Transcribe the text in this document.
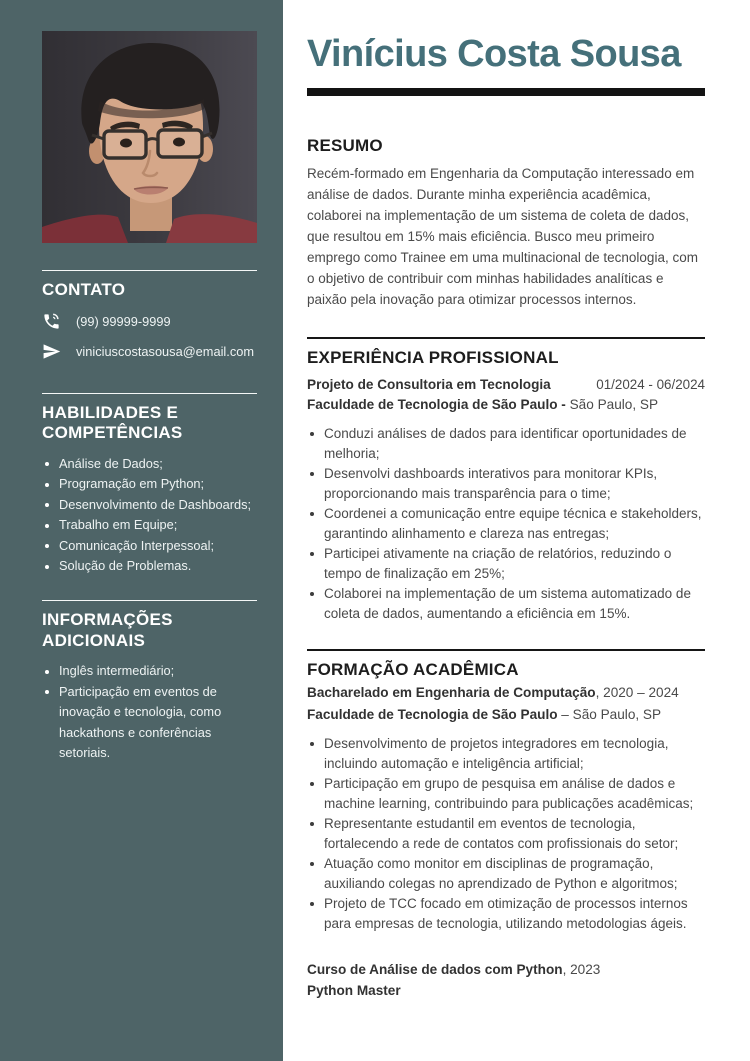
CONTATO
(99) 99999-9999
viniciuscostasousa@email.com
HABILIDADES E
COMPETÊNCIAS
Análise de Dados;
Programação em Python;
Desenvolvimento de Dashboards;
Trabalho em Equipe;
Comunicação Interpessoal;
Solução de Problemas.
INFORMAÇÕES ADICIONAIS
Inglês intermediário;
Participação em eventos de inovação e tecnologia, como hackathons e conferências setoriais.
Vinícius Costa Sousa
RESUMO

Recém-formado em Engenharia da Computação interessado em análise de dados. Durante minha experiência acadêmica, colaborei na implementação de um sistema de coleta de dados, que resultou em 15% mais eficiência. Busco meu primeiro emprego como Trainee em uma multinacional de tecnologia, com o objetivo de contribuir com minhas habilidades analíticas e paixão pela inovação para otimizar processos internos.

EXPERIÊNCIA PROFISSIONAL
Projeto de Consultoria em Tecnologia	01/2024 - 06/2024
Faculdade de Tecnologia de São Paulo - São Paulo, SP
Conduzi análises de dados para identificar oportunidades de melhoria;
Desenvolvi dashboards interativos para monitorar KPIs, proporcionando mais transparência para o time;
Coordenei a comunicação entre equipe técnica e stakeholders, garantindo alinhamento e clareza nas entregas;
Participei ativamente na criação de relatórios, reduzindo o tempo de finalização em 25%;
Colaborei na implementação de um sistema automatizado de coleta de dados, aumentando a eficiência em 15%.
FORMAÇÃO ACADÊMICA
Bacharelado em Engenharia de Computação, 2020 – 2024
Faculdade de Tecnologia de São Paulo – São Paulo, SP
Desenvolvimento de projetos integradores em tecnologia, incluindo automação e inteligência artificial;
Participação em grupo de pesquisa em análise de dados e machine learning, contribuindo para publicações acadêmicas;
Representante estudantil em eventos de tecnologia, fortalecendo a rede de contatos com profissionais do setor;
Atuação como monitor em disciplinas de programação, auxiliando colegas no aprendizado de Python e algoritmos;
Projeto de TCC focado em otimização de processos internos para empresas de tecnologia, utilizando metodologias ágeis.
Curso de Análise de dados com Python, 2023
Python Master
